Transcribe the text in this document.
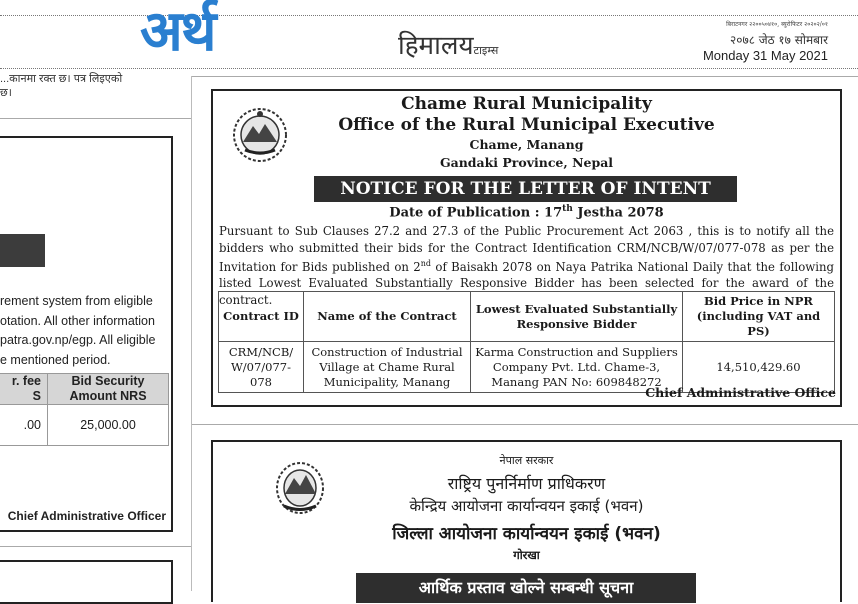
अर्थ	हिमालयटाइम्स
बिराटनगर २२००५०४१०, ब्युरोफिटर २०२०२/०१
२०७८ जेठ १७ सोमबार
Monday 31 May 2021
...कानमा रक्त छ। पत्र लिइएको
छ।
rement system from eligible
otation. All other information
patra.gov.np/egp. All eligible
e mentioned period.
r. fee
S	Bid Security
Amount NRS

.00	25,000.00
Chief Administrative Officer
Chame Rural Municipality
Office of the Rural Municipal Executive
Chame, Manang
Gandaki Province, Nepal
NOTICE FOR THE LETTER OF INTENT
Date of Publication : 17th Jestha 2078
Pursuant to Sub Clauses 27.2 and 27.3 of the Public Procurement Act 2063 , this is to notify all the bidders who submitted their bids for the Contract Identification CRM/NCB/W/07/077-078 as per the Invitation for Bids published on 2nd of Baisakh 2078 on Naya Patrika National Daily that the following listed Lowest Evaluated Substantially Responsive Bidder has been selected for the award of the contract.
Contract ID	Name of the Contract	Lowest Evaluated Substantially Responsive Bidder	Bid Price in NPR (including VAT and PS)
CRM/NCB/ W/07/077-078	Construction of Industrial Village at Chame Rural Municipality, Manang	Karma Construction and Suppliers Company Pvt. Ltd. Chame-3, Manang PAN No: 609848272	14,510,429.60
Chief Administrative Office
नेपाल सरकार
राष्ट्रिय पुनर्निर्माण प्राधिकरण
केन्द्रिय आयोजना कार्यान्वयन इकाई (भवन)
जिल्ला आयोजना कार्यान्वयन इकाई (भवन)
गोरखा
आर्थिक प्रस्ताव खोल्ने सम्बन्धी सूचना
